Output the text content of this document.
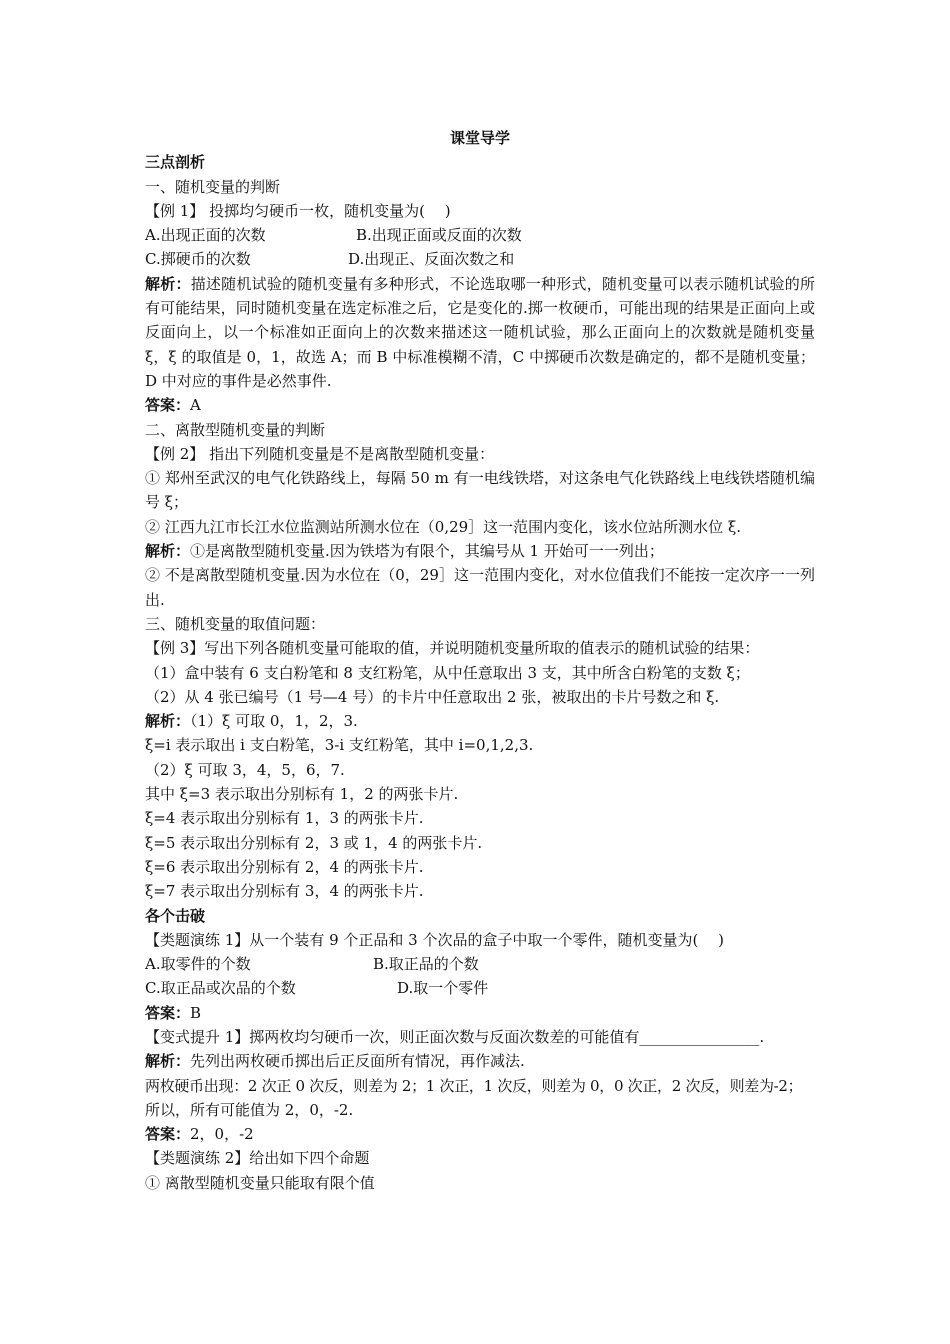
课堂导学
三点剖析
一、随机变量的判断
【例 1】 投掷均匀硬币一枚，随机变量为(　 )
A.出现正面的次数	B.出现正面或反面的次数
C.掷硬币的次数	D.出现正、反面次数之和
解析：描述随机试验的随机变量有多种形式，不论选取哪一种形式，随机变量可以表示随机试验的所有可能结果，同时随机变量在选定标准之后，它是变化的.掷一枚硬币，可能出现的结果是正面向上或反面向上，以一个标准如正面向上的次数来描述这一随机试验，那么正面向上的次数就是随机变量 ξ，ξ 的取值是 0，1，故选 A；而 B 中标准模糊不清，C 中掷硬币次数是确定的，都不是随机变量；D 中对应的事件是必然事件.
答案：A
二、离散型随机变量的判断
【例 2】 指出下列随机变量是不是离散型随机变量：
① 郑州至武汉的电气化铁路线上，每隔 50 m 有一电线铁塔，对这条电气化铁路线上电线铁塔随机编号 ξ；
② 江西九江市长江水位监测站所测水位在（0,29］这一范围内变化，该水位站所测水位 ξ.
解析：①是离散型随机变量.因为铁塔为有限个，其编号从 1 开始可一一列出；
② 不是离散型随机变量.因为水位在（0，29］这一范围内变化，对水位值我们不能按一定次序一一列出.
三、随机变量的取值问题：
【例 3】写出下列各随机变量可能取的值，并说明随机变量所取的值表示的随机试验的结果：
（1）盒中装有 6 支白粉笔和 8 支红粉笔，从中任意取出 3 支，其中所含白粉笔的支数 ξ；
（2）从 4 张已编号（1 号—4 号）的卡片中任意取出 2 张，被取出的卡片号数之和 ξ.
解析：（1）ξ 可取 0，1，2，3.
ξ=i 表示取出 i 支白粉笔，3-i 支红粉笔，其中 i=0,1,2,3.
（2）ξ 可取 3，4，5，6，7.
其中 ξ=3 表示取出分别标有 1，2 的两张卡片.
ξ=4 表示取出分别标有 1，3 的两张卡片.
ξ=5 表示取出分别标有 2，3 或 1，4 的两张卡片.
ξ=6 表示取出分别标有 2，4 的两张卡片.
ξ=7 表示取出分别标有 3，4 的两张卡片.
各个击破
【类题演练 1】从一个装有 9 个正品和 3 个次品的盒子中取一个零件，随机变量为(　 )
A.取零件的个数	B.取正品的个数
C.取正品或次品的个数	D.取一个零件
答案：B
【变式提升 1】掷两枚均匀硬币一次，则正面次数与反面次数差的可能值有________________.
解析：先列出两枚硬币掷出后正反面所有情况，再作减法.
两枚硬币出现：2 次正 0 次反，则差为 2；1 次正，1 次反，则差为 0，0 次正，2 次反，则差为-2；
所以，所有可能值为 2，0，-2.
答案：2，0，-2
【类题演练 2】给出如下四个命题
① 离散型随机变量只能取有限个值
